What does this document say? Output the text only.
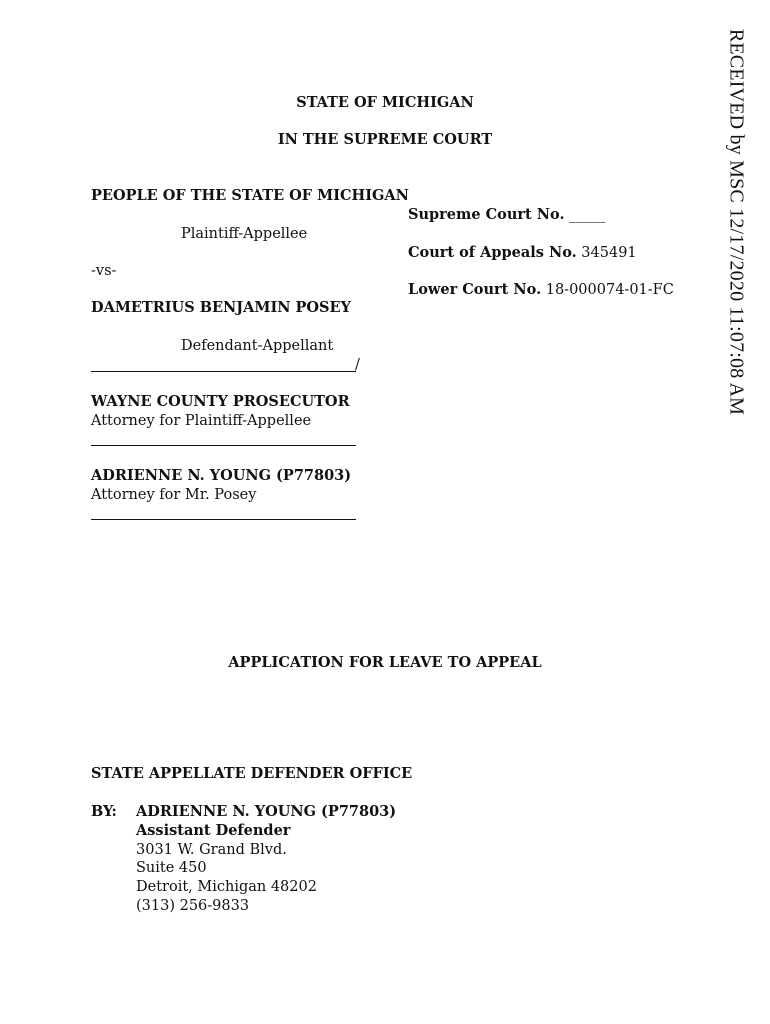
RECEIVED by MSC 12/17/2020 11:07:08 AM
STATE OF MICHIGAN
IN THE SUPREME COURT
PEOPLE OF THE STATE OF MICHIGAN
Plaintiff-Appellee
-vs-
DAMETRIUS BENJAMIN POSEY
Defendant-Appellant
/
Supreme Court No. _____
Court of Appeals No. 345491
Lower Court No. 18-000074-01-FC
WAYNE COUNTY PROSECUTOR
Attorney for Plaintiff-Appellee
ADRIENNE N. YOUNG (P77803)
Attorney for Mr. Posey
APPLICATION FOR LEAVE TO APPEAL
STATE APPELLATE DEFENDER OFFICE
BY: ADRIENNE N. YOUNG (P77803)
Assistant Defender
3031 W. Grand Blvd.
Suite 450
Detroit, Michigan 48202
(313) 256-9833
